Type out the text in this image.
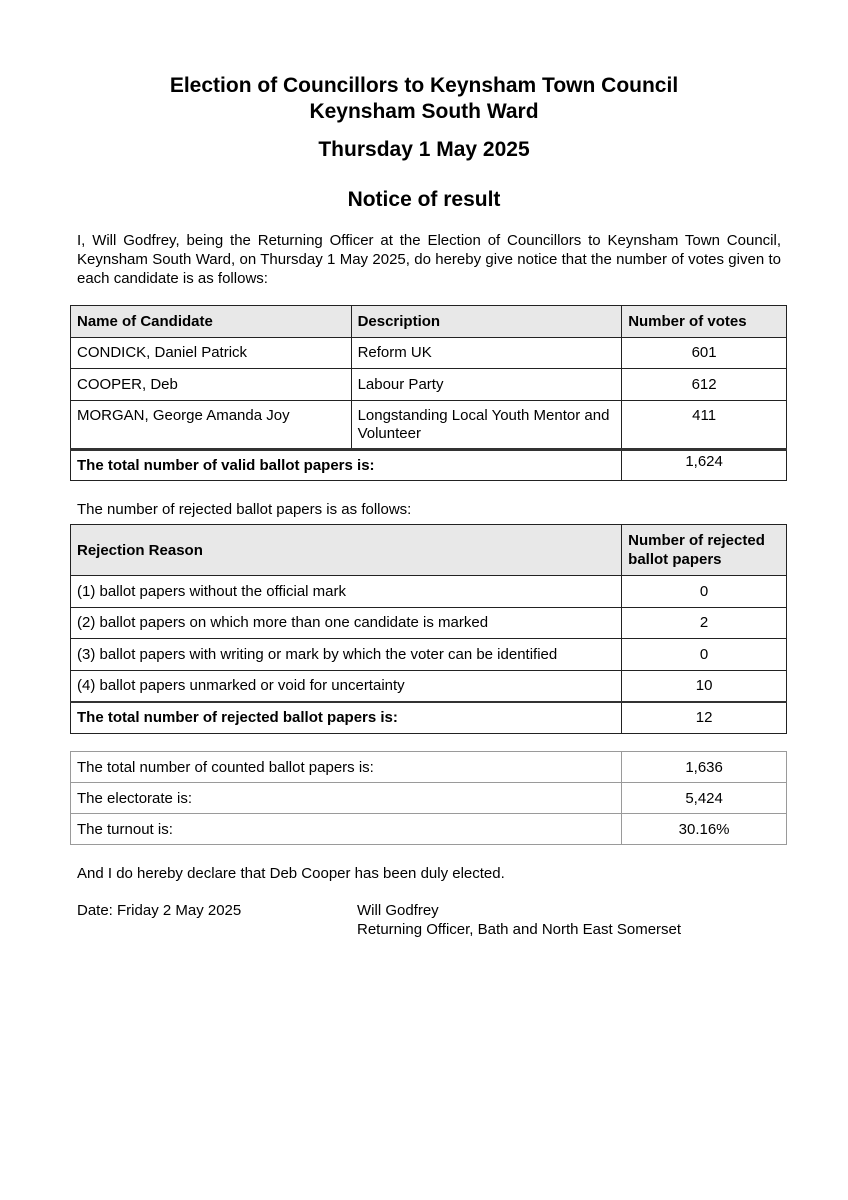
Election of Councillors to Keynsham Town Council
Keynsham South Ward
Thursday 1 May 2025
Notice of result
I, Will Godfrey, being the Returning Officer at the Election of Councillors to Keynsham Town Council, Keynsham South Ward, on Thursday 1 May 2025, do hereby give notice that the number of votes given to each candidate is as follows:
Name of Candidate	Description	Number of votes
CONDICK, Daniel Patrick	Reform UK	601
COOPER, Deb	Labour Party	612
MORGAN, George Amanda Joy	Longstanding Local Youth Mentor and Volunteer	411
The total number of valid ballot papers is:		1,624
The number of rejected ballot papers is as follows:
Rejection Reason	Number of rejected ballot papers
(1) ballot papers without the official mark	0
(2) ballot papers on which more than one candidate is marked	2
(3) ballot papers with writing or mark by which the voter can be identified	0
(4) ballot papers unmarked or void for uncertainty	10
The total number of rejected ballot papers is:	12
The total number of counted ballot papers is:	1,636
The electorate is:	5,424
The turnout is:	30.16%
And I do hereby declare that Deb Cooper has been duly elected.
Date: Friday 2 May 2025	Will Godfrey
Returning Officer, Bath and North East Somerset
